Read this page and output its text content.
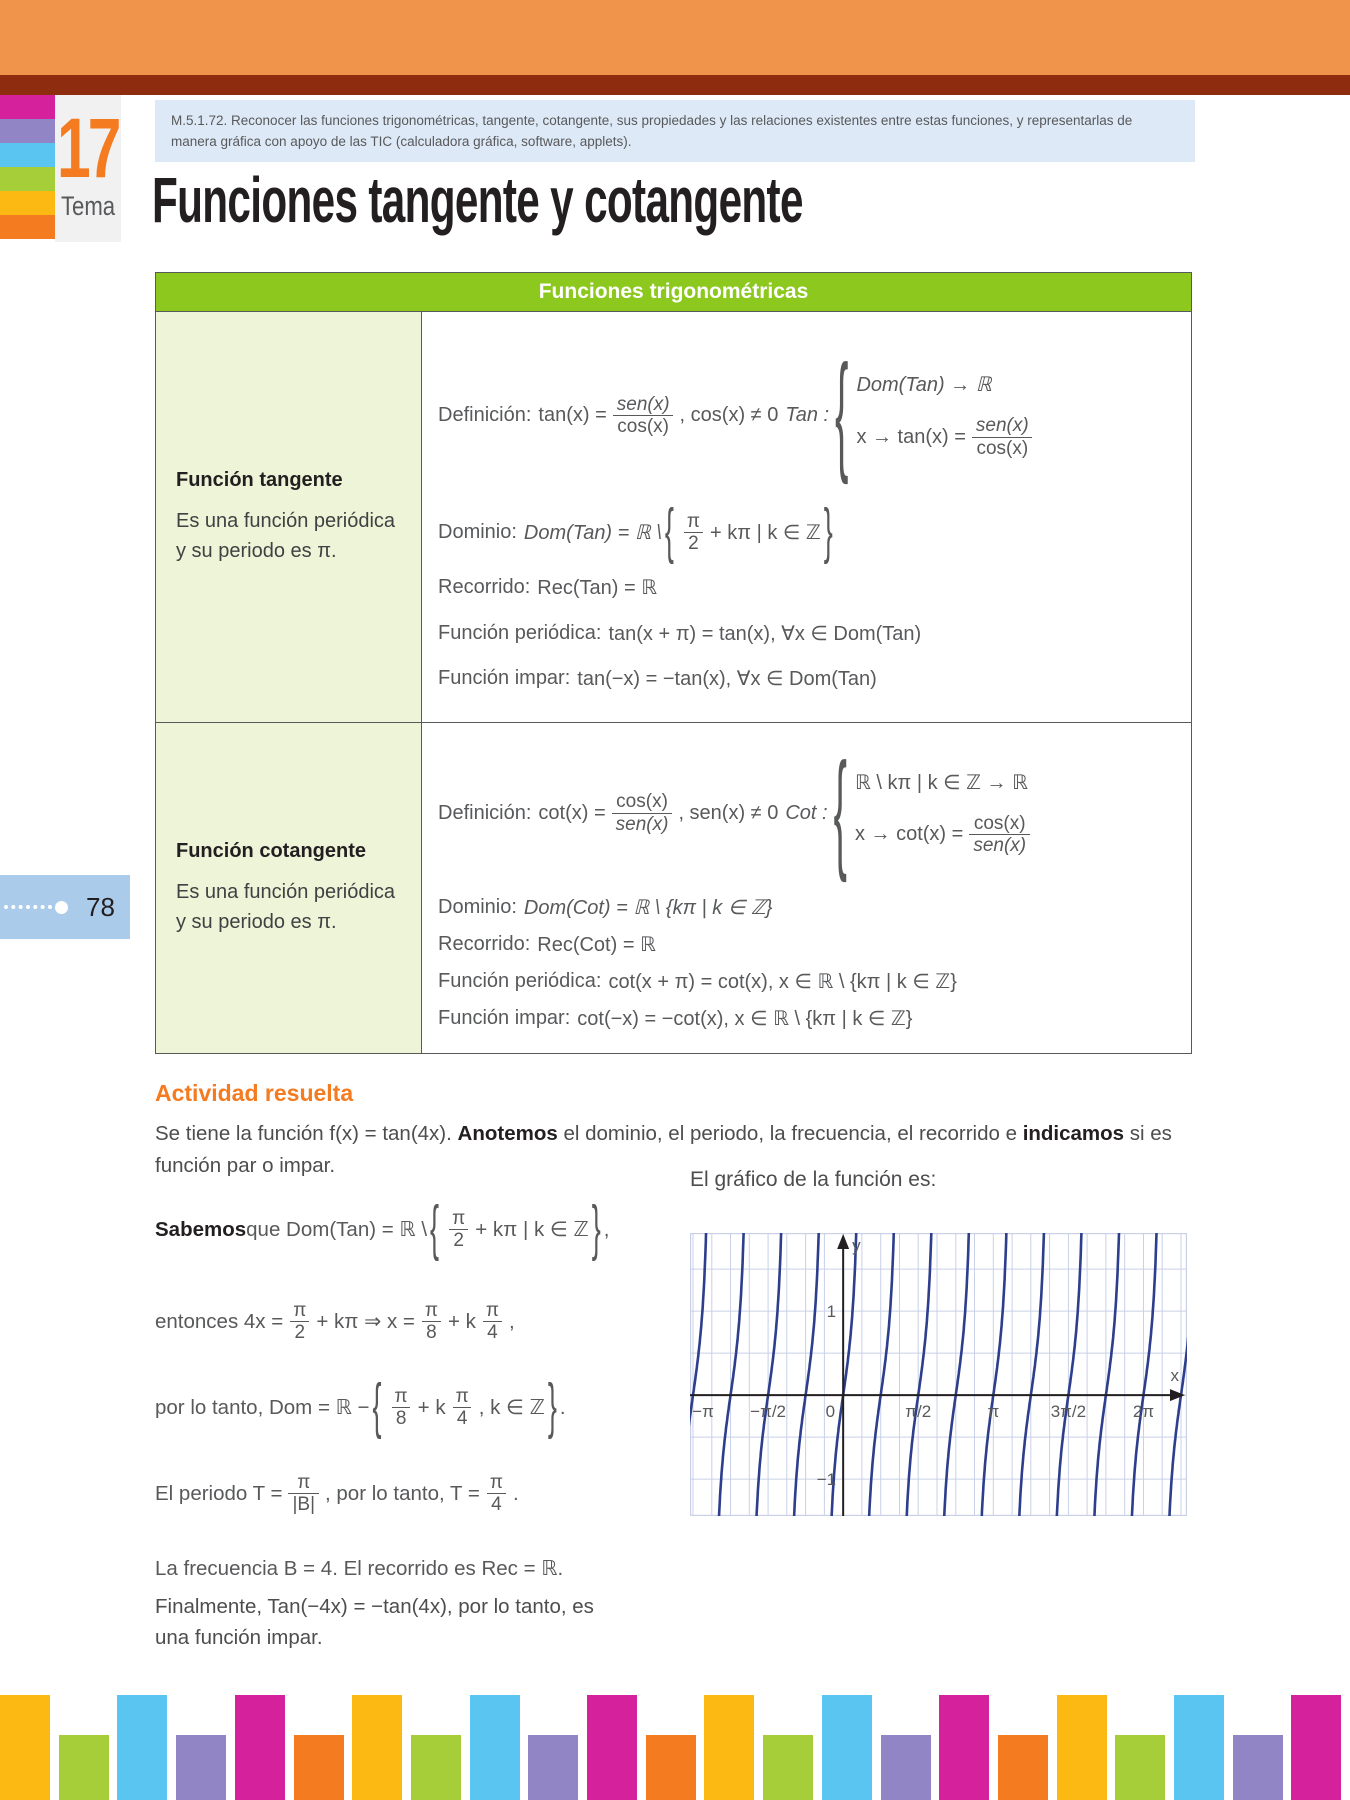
17
Tema
M.5.1.72. Reconocer las funciones trigonométricas, tangente, cotangente, sus propiedades y las relaciones existentes entre estas funciones, y representarlas de manera gráfica con apoyo de las TIC (calculadora gráfica, software, applets).
Funciones tangente y cotangente
Funciones trigonométricas
Función tangente
Es una función periódica y su periodo es π.
Definición: $\tan(x) = \frac{\text{sen(x)}}{\cos(x)}$ , cos(x) ≠ 0 Tan : { Dom(Tan) → ℝ
$x \to \tan(x) = \frac{\text{sen(x)}}{\cos(x)}$
Dominio: Dom(Tan) = ℝ \ { $\frac{\pi}{2} + k\pi$ | k ∈ ℤ }
Recorrido: Rec(Tan) = ℝ
Función periódica: tan(x + π) = tan(x), ∀x ∈ Dom(Tan)
Función impar: tan(−x) = −tan(x), ∀x ∈ Dom(Tan)
Función cotangente
Es una función periódica y su periodo es π.
Definición: $\cot(x) = \frac{\cos(x)}{\text{sen(x)}}$ , sen(x) ≠ 0 Cot : { ℝ \ kπ | k ∈ ℤ → ℝ
$x \to \cot(x) = \frac{\cos(x)}{\text{sen(x)}}$
Dominio: Dom(Cot) = ℝ \ {kπ | k ∈ ℤ}
Recorrido: Rec(Cot) = ℝ
Función periódica: cot(x + π) = cot(x), x ∈ ℝ \ {kπ | k ∈ ℤ}
Función impar: cot(−x) = −cot(x), x ∈ ℝ \ {kπ | k ∈ ℤ}
78
Actividad resuelta

Se tiene la función f(x) = tan(4x). Anotemos el dominio, el periodo, la frecuencia, el recorrido e indicamos si es función par o impar.

Sabemos que Dom(Tan) = ℝ \ { $\frac{\pi}{2} + k\pi$ | k ∈ ℤ } ,
entonces $4x = \frac{\pi}{2} + k\pi$ ⇒ $x = \frac{\pi}{8} + k \frac{\pi}{4}$ ,
por lo tanto, Dom = ℝ − { $\frac{\pi}{8} + k \frac{\pi}{4}$ , k ∈ ℤ } .
El periodo $T = \frac{\pi}{|B|}$ , por lo tanto, $T = \frac{\pi}{4}$ .
La frecuencia B = 4. El recorrido es Rec = ℝ.
Finalmente, Tan(−4x) = −tan(4x), por lo tanto, es
una función impar.
El gráfico de la función es:
y
x
−π −π/2 0	π/2	π	3π/2	2π
1
−1
